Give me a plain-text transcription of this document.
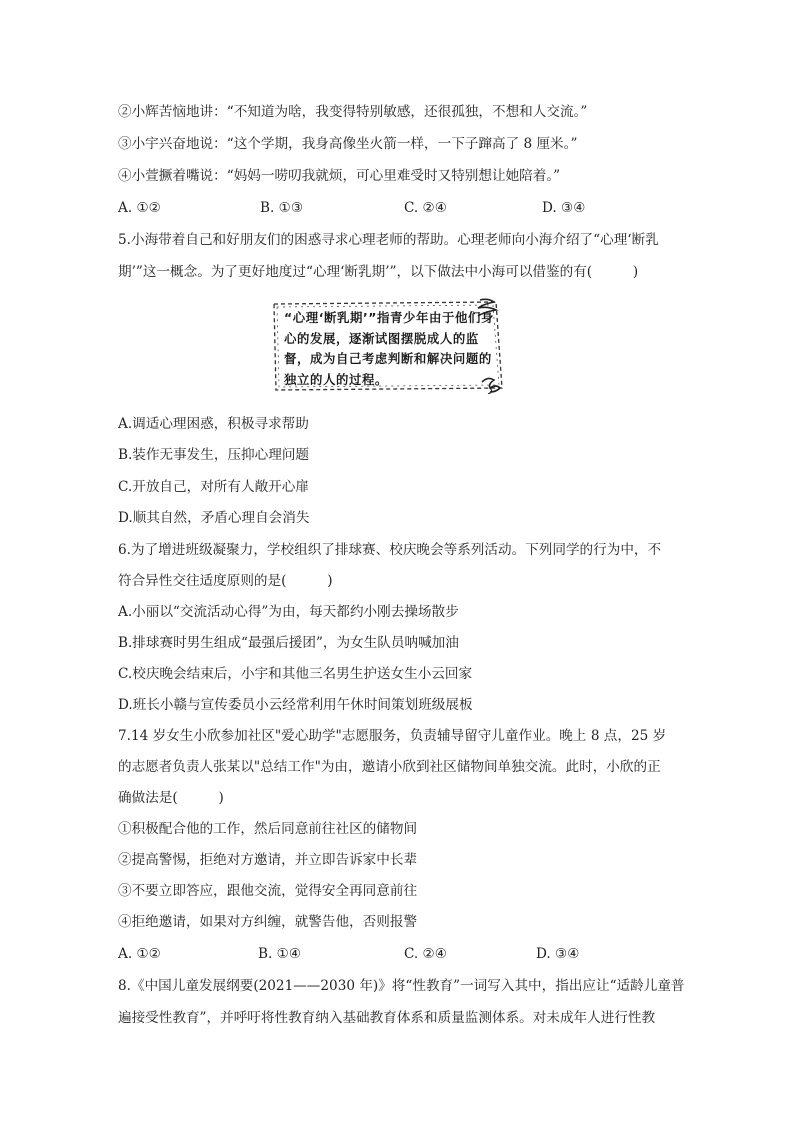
②小辉苦恼地讲：“不知道为啥，我变得特别敏感，还很孤独，不想和人交流。”
③小宇兴奋地说：“这个学期，我身高像坐火箭一样，一下子蹿高了 8 厘米。”
④小萱撅着嘴说：“妈妈一唠叨我就烦，可心里难受时又特别想让她陪着。”
A. ①②	B. ①③	C. ②④	D. ③④
5.小海带着自己和好朋友们的困惑寻求心理老师的帮助。心理老师向小海介绍了“心理‘断乳
期’”这一概念。为了更好地度过“心理‘断乳期’”，以下做法中小海可以借鉴的有(　　　)
“心理‘断乳期’”指青少年由于他们身心的发展，逐渐试图摆脱成人的监督，成为自己考虑判断和解决问题的独立的人的过程。
A.调适心理困惑，积极寻求帮助
B.装作无事发生，压抑心理问题
C.开放自己，对所有人敞开心扉
D.顺其自然，矛盾心理自会消失
6.为了增进班级凝聚力，学校组织了排球赛、校庆晚会等系列活动。下列同学的行为中，不
符合异性交往适度原则的是(　　　)
A.小丽以“交流活动心得”为由，每天都约小刚去操场散步
B.排球赛时男生组成“最强后援团”，为女生队员呐喊加油
C.校庆晚会结束后，小宇和其他三名男生护送女生小云回家
D.班长小赣与宣传委员小云经常利用午休时间策划班级展板
7.14 岁女生小欣参加社区"爱心助学"志愿服务，负责辅导留守儿童作业。晚上 8 点，25 岁
的志愿者负责人张某以"总结工作"为由，邀请小欣到社区储物间单独交流。此时，小欣的正
确做法是(　　　)
①积极配合他的工作，然后同意前往社区的储物间
②提高警惕，拒绝对方邀请，并立即告诉家中长辈
③不要立即答应，跟他交流，觉得安全再同意前往
④拒绝邀请，如果对方纠缠，就警告他，否则报警
A. ①②	B. ①④	C. ②④	D. ③④
8.《中国儿童发展纲要(2021——2030 年)》将“性教育”一词写入其中，指出应让“适龄儿童普
遍接受性教育”，并呼吁将性教育纳入基础教育体系和质量监测体系。对未成年人进行性教
